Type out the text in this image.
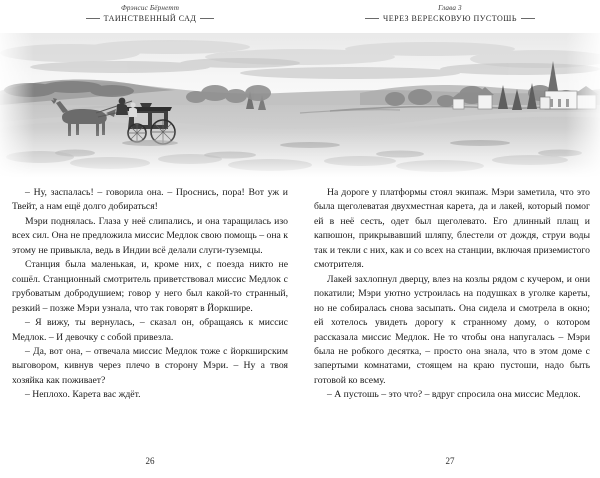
Фрэнсис Бёрнетт
ТАИНСТВЕННЫЙ САД
Глава 3
ЧЕРЕЗ ВЕРЕСКОВУЮ ПУСТОШЬ

– Ну, заспалась! – говорила она. – Проснись, пора! Вот уж и Твейт, а нам ещё долго добираться!

Мэри поднялась. Глаза у неё слипались, и она таращилась изо всех сил. Она не предложила миссис Медлок свою помощь – она к этому не привыкла, ведь в Индии всё делали слуги-туземцы.

Станция была маленькая, и, кроме них, с поезда никто не сошёл. Станционный смотритель приветствовал миссис Медлок с грубоватым добродушием; говор у него был какой-то странный, резкий – позже Мэри узнала, что так говорят в Йоркшире.

– Я вижу, ты вернулась, – сказал он, обращаясь к миссис Медлок. – И девочку с собой привезла.

– Да, вот она, – отвечала миссис Медлок тоже с йоркширским выговором, кивнув через плечо в сторону Мэри. – Ну а твоя хозяйка как поживает?

– Неплохо. Карета вас ждёт.

На дороге у платформы стоял экипаж. Мэри заметила, что это была щеголеватая двухместная карета, да и лакей, который помог ей в неё сесть, одет был щеголевато. Его длинный плащ и капюшон, прикрывавший шляпу, блестели от дождя, струи воды так и текли с них, как и со всех на станции, включая приземистого смотрителя.

Лакей захлопнул дверцу, влез на козлы рядом с кучером, и они покатили; Мэри уютно устроилась на подушках в уголке кареты, но не собиралась снова засыпать. Она сидела и смотрела в окно; ей хотелось увидеть дорогу к странному дому, о котором рассказала миссис Медлок. Не то чтобы она напугалась – Мэри была не робкого десятка, – просто она знала, что в этом доме с запертыми комнатами, стоящем на краю пустоши, надо быть готовой ко всему.

– А пустошь – это что? – вдруг спросила она миссис Медлок.

26	27
